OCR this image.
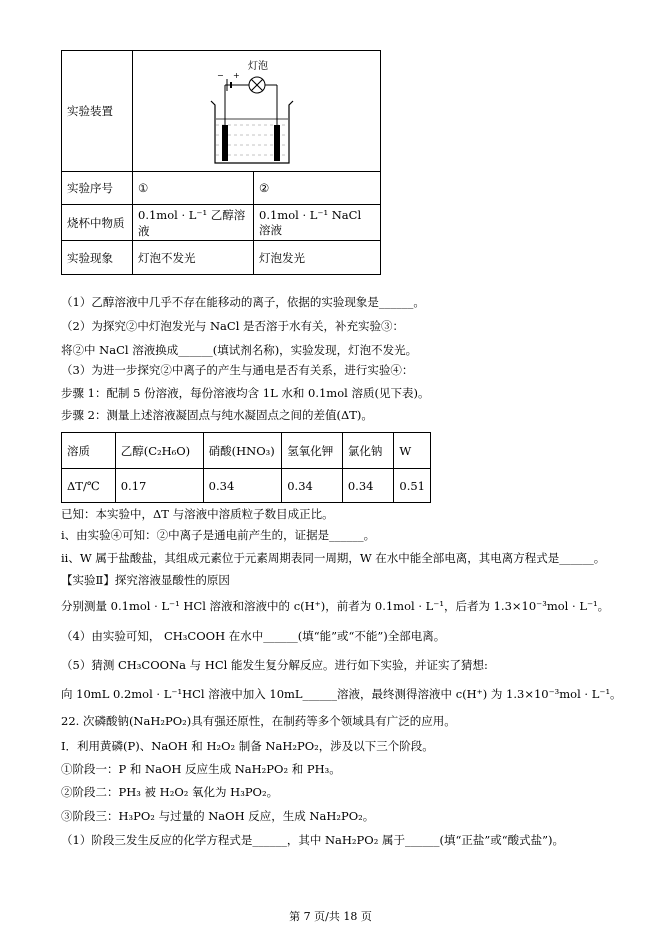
实验装置	− +
灯泡	

实验序号	①	②
烧杯中物质	0.1mol · L⁻¹ 乙醇溶液	0.1mol · L⁻¹ NaCl 溶液
实验现象	灯泡不发光	灯泡发光
（1）乙醇溶液中几乎不存在能移动的离子，依据的实验现象是______。
（2）为探究②中灯泡发光与 NaCl 是否溶于水有关，补充实验③：
将②中 NaCl 溶液换成______(填试剂名称)，实验发现，灯泡不发光。
（3）为进一步探究②中离子的产生与通电是否有关系，进行实验④：
步骤 1：配制 5 份溶液，每份溶液均含 1L 水和 0.1mol 溶质(见下表)。
步骤 2：测量上述溶液凝固点与纯水凝固点之间的差值(ΔT)。
溶质	乙醇(C₂H₆O)	硝酸(HNO₃)	氢氧化钾	氯化钠	W
ΔT/℃	0.17	0.34	0.34	0.34	0.51
已知：本实验中，ΔT 与溶液中溶质粒子数目成正比。
i、由实验④可知：②中离子是通电前产生的，证据是______。
ii、W 属于盐酸盐，其组成元素位于元素周期表同一周期，W 在水中能全部电离，其电离方程式是______。
【实验Ⅱ】探究溶液显酸性的原因
分别测量 0.1mol · L⁻¹ HCl 溶液和溶液中的 c(H⁺)，前者为 0.1mol · L⁻¹，后者为 1.3×10⁻³mol · L⁻¹。
（4）由实验可知， CH₃COOH 在水中______(填“能”或“不能”)全部电离。
（5）猜测 CH₃COONa 与 HCl 能发生复分解反应。进行如下实验，并证实了猜想:
向 10mL 0.2mol · L⁻¹HCl 溶液中加入 10mL______溶液，最终测得溶液中 c(H⁺) 为 1.3×10⁻³mol · L⁻¹。
22. 次磷酸钠(NaH₂PO₂)具有强还原性，在制药等多个领域具有广泛的应用。
I．利用黄磷(P)、NaOH 和 H₂O₂ 制备 NaH₂PO₂，涉及以下三个阶段。
①阶段一：P 和 NaOH 反应生成 NaH₂PO₂ 和 PH₃。
②阶段二：PH₃ 被 H₂O₂ 氧化为 H₃PO₂。
③阶段三：H₃PO₂ 与过量的 NaOH 反应，生成 NaH₂PO₂。
（1）阶段三发生反应的化学方程式是______，其中 NaH₂PO₂ 属于______(填“正盐”或“酸式盐”)。
第 7 页/共 18 页
